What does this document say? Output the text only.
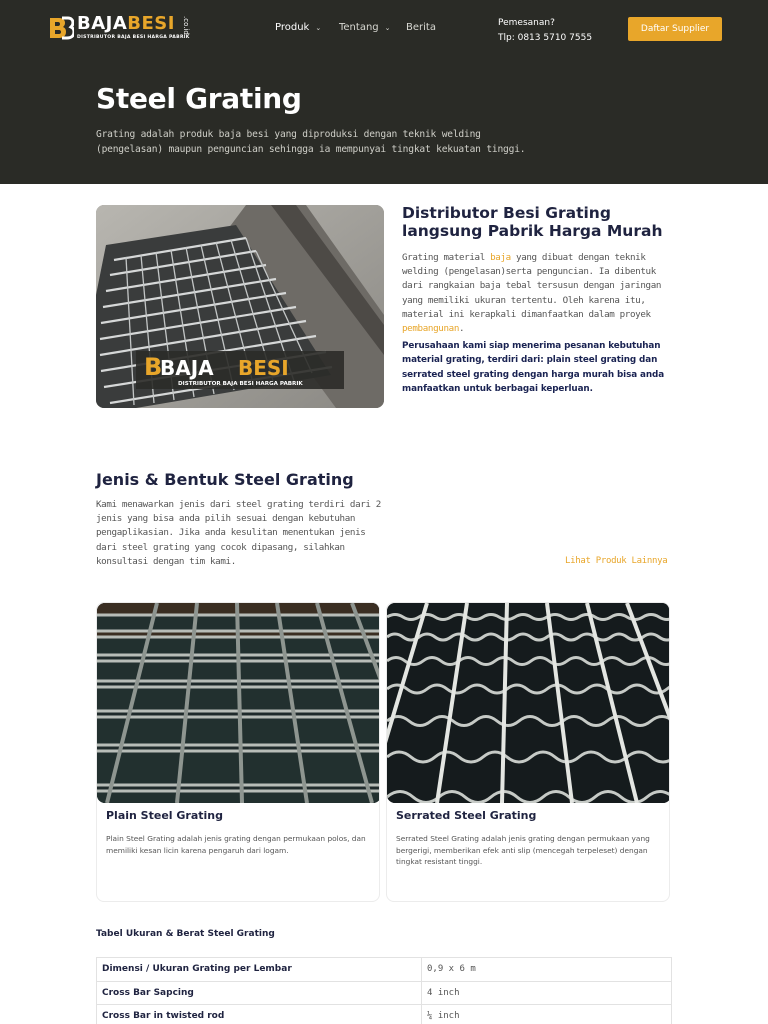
BAJABESI
DISTRIBUTOR BAJA BESI HARGA PABRIK
.co.id	Produk ⌄ Tentang ⌄ Berita	Pemesanan?
Tlp: 0813 5710 7555
Daftar Supplier
Steel Grating

Grating adalah produk baja besi yang diproduksi dengan teknik welding (pengelasan) maupun penguncian sehingga ia mempunyai tingkat kekuatan tinggi.

B
BAJA BESI
DISTRIBUTOR BAJA BESI HARGA PABRIK
Distributor Besi Grating langsung Pabrik Harga Murah

Grating material baja yang dibuat dengan teknik welding (pengelasan)serta penguncian. Ia dibentuk dari rangkaian baja tebal tersusun dengan jaringan yang memiliki ukuran tertentu. Oleh karena itu, material ini kerapkali dimanfaatkan dalam proyek pembangunan.

Perusahaan kami siap menerima pesanan kebutuhan material grating, terdiri dari: plain steel grating dan serrated steel grating dengan harga murah bisa anda manfaatkan untuk berbagai keperluan.

Jenis & Bentuk Steel Grating

Kami menawarkan jenis dari steel grating terdiri dari 2 jenis yang bisa anda pilih sesuai dengan kebutuhan pengaplikasian. Jika anda kesulitan menentukan jenis dari steel grating yang cocok dipasang, silahkan konsultasi dengan tim kami.	Lihat Produk Lainnya
Plain Steel Grating
Plain Steel Grating adalah jenis grating dengan permukaan polos, dan memiliki kesan licin karena pengaruh dari logam.
Serrated Steel Grating
Serrated Steel Grating adalah jenis grating dengan permukaan yang bergerigi, memberikan efek anti slip (mencegah terpeleset) dengan tingkat resistant tinggi.
Tabel Ukuran & Berat Steel Grating
Dimensi / Ukuran Grating per Lembar	0,9 x 6 m
Cross Bar Sapcing	4 inch
Cross Bar in twisted rod	¼ inch
